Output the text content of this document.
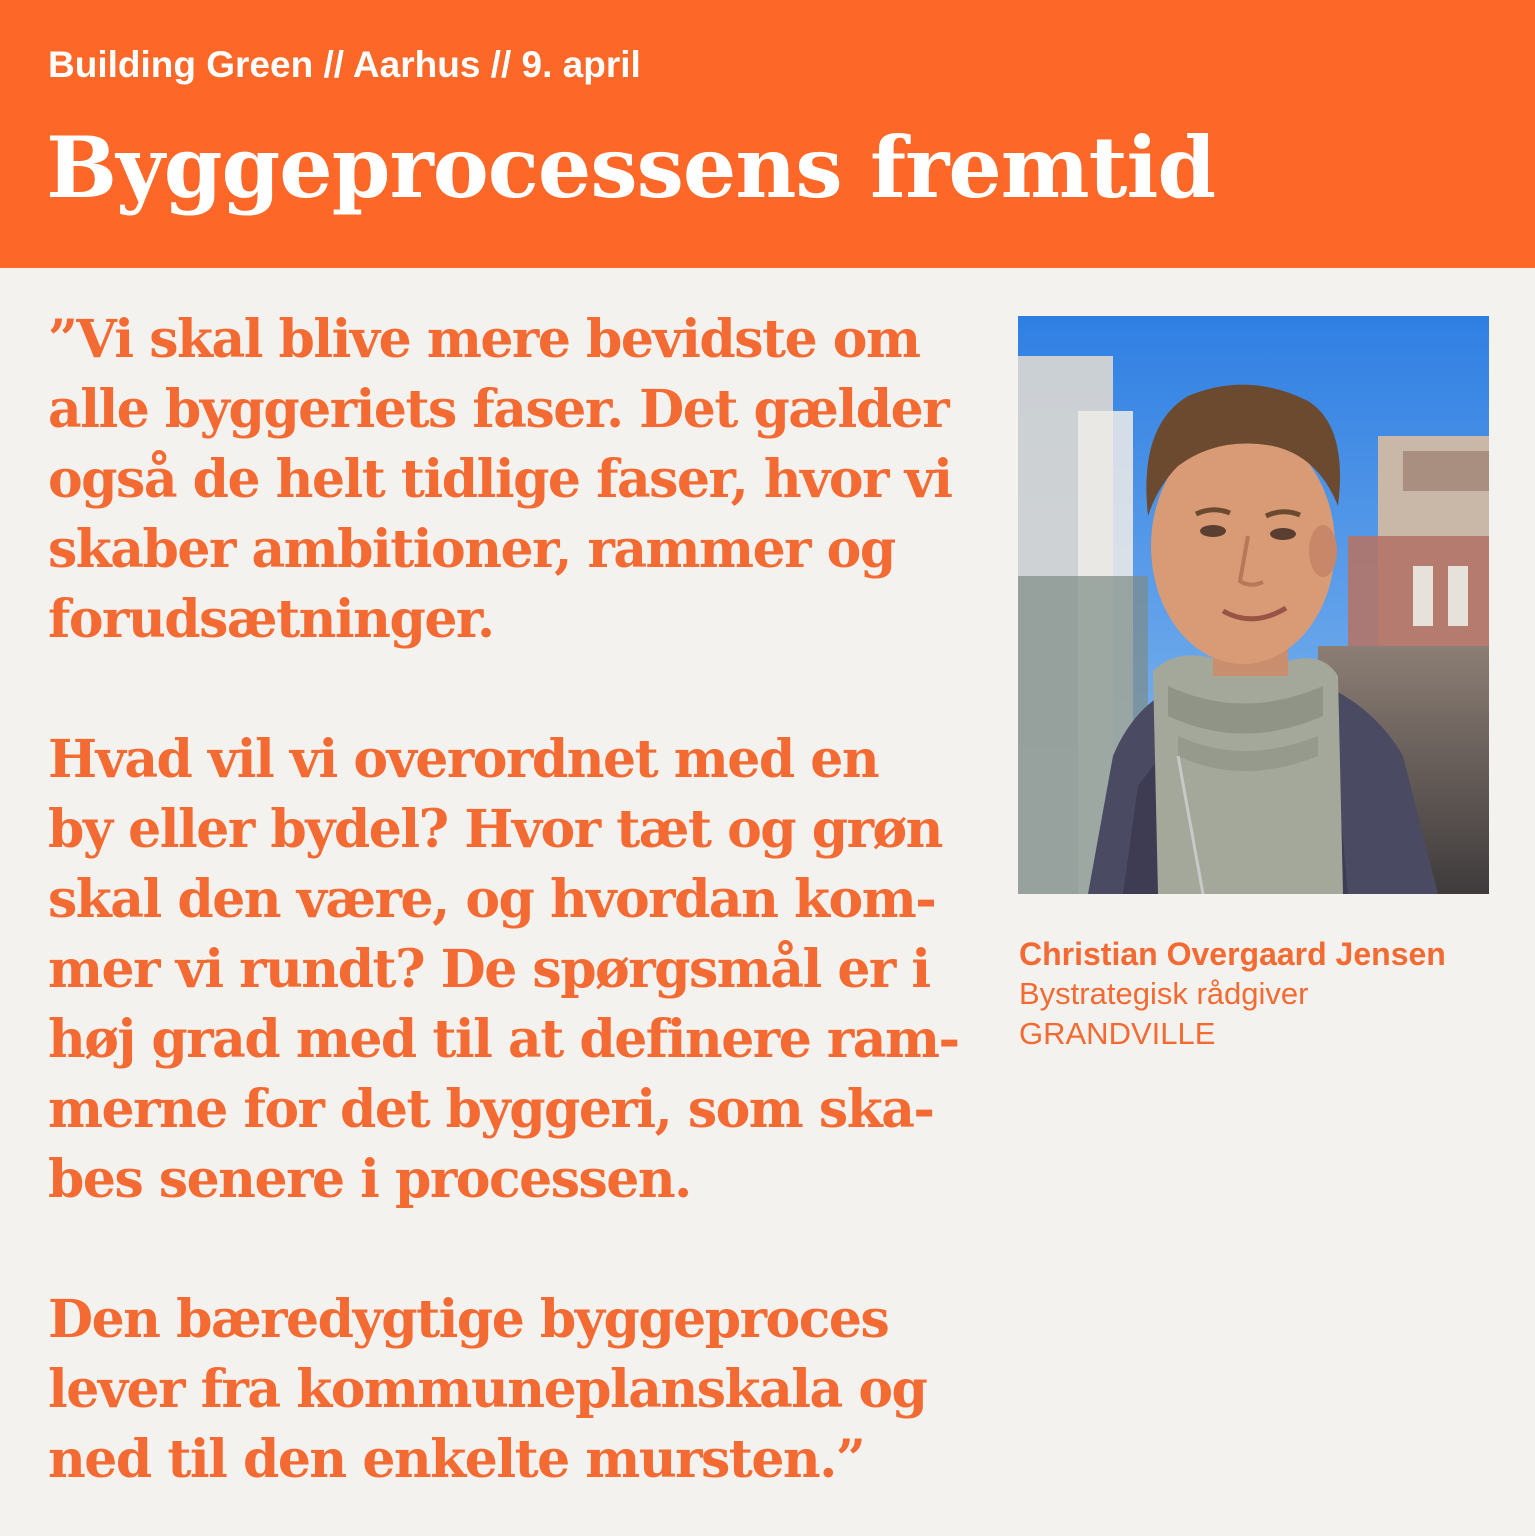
Building Green // Aarhus // 9. april

Byggeprocessens fremtid

”Vi skal blive mere bevidste om
alle byggeriets faser. Det gælder
også de helt tidlige faser, hvor vi
skaber ambitioner, rammer og
forudsætninger.

Hvad vil vi overordnet med en
by eller bydel? Hvor tæt og grøn
skal den være, og hvordan kom-
mer vi rundt? De spørgsmål er i
høj grad med til at definere ram-
merne for det byggeri, som ska-
bes senere i processen.

Den bæredygtige byggeproces
lever fra kommuneplanskala og
ned til den enkelte mursten.”

Christian Overgaard Jensen
Bystrategisk rådgiver
GRANDVILLE
